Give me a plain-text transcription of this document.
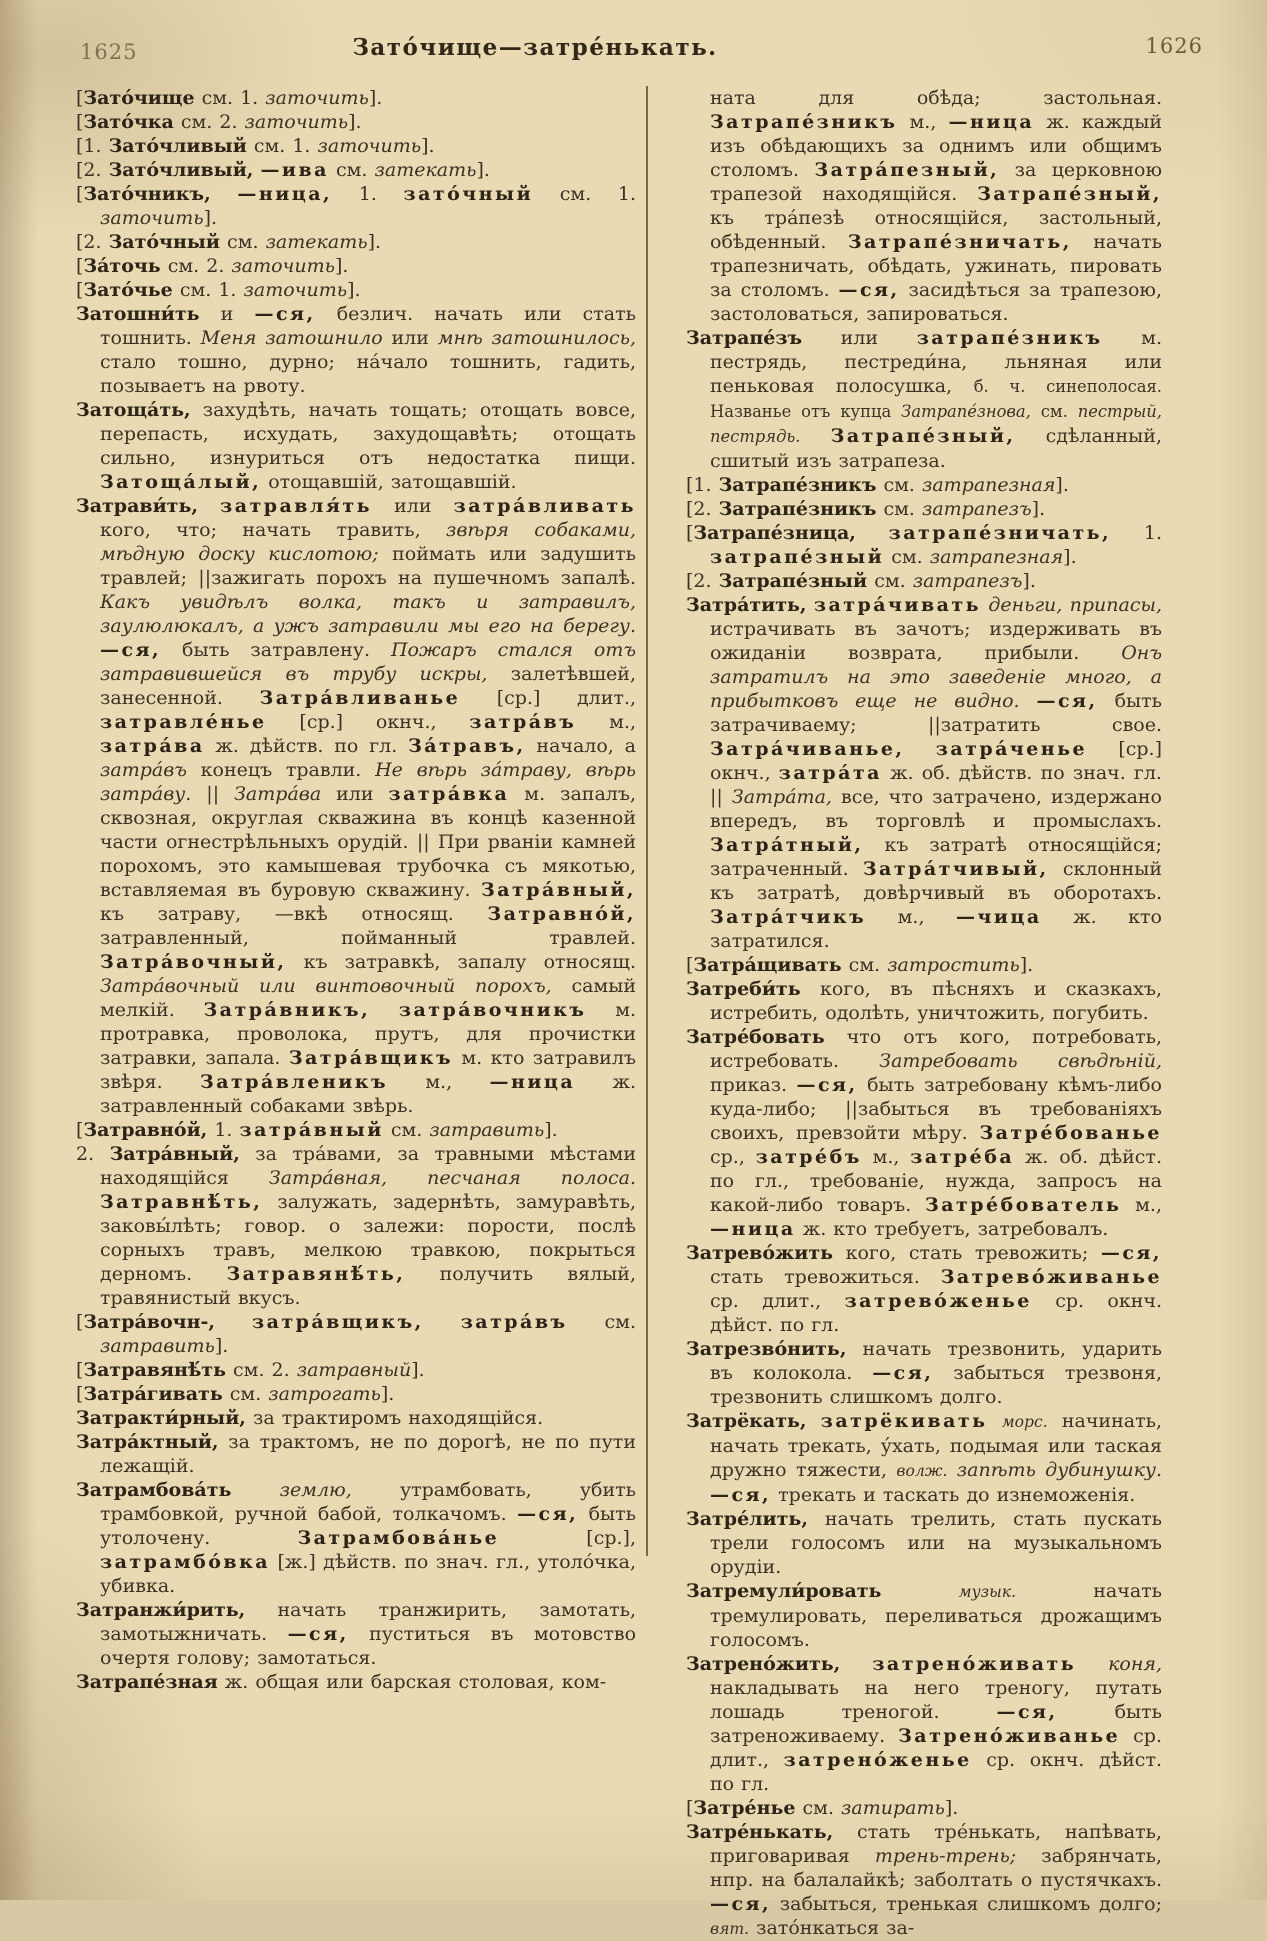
1625	Зато́чище—затре́нькать.	1626

[Зато́чище см. 1. заточить].

[Зато́чка см. 2. заточить].

[1. Зато́чливый см. 1. заточить].

[2. Зато́чливый, —ива см. затекать].

[Зато́чникъ, —ница, 1. зато́чный см. 1. заточить].

[2. Зато́чный см. затекать].

[За́точь см. 2. заточить].

[Зато́чье см. 1. заточить].

Затошни́ть и —ся, безлич. начать или стать тошнить. Меня затошнило или мнѣ затошнилось, стало тошно, дурно; на́чало тошнить, гадить, позываетъ на рвоту.

Затоща́ть, захудѣть, начать тощать; отощать вовсе, перепасть, исхудать, захудощавѣть; отощать сильно, изнуриться отъ недостатка пищи. Затоща́лый, отощавшій, затощавшій.

Затрави́ть, затравля́ть или затра́вливать кого, что; начать травить, звѣря собаками, мѣдную доску кислотою; поймать или задушить травлей; ||зажигать порохъ на пушечномъ запалѣ. Какъ увидѣлъ волка, такъ и затравилъ, заулюлюкалъ, а ужъ затравили мы его на берегу. —ся, быть затравлену. Пожаръ стался отъ затравившейся въ трубу искры, залетѣвшей, занесенной. Затра́вливанье [ср.] длит., затравле́нье [ср.] окнч., затра́въ м., затра́ва ж. дѣйств. по гл. За́травъ, начало, а затра́въ конецъ травли. Не вѣрь за́траву, вѣрь затра́ву. || Затра́ва или затра́вка м. запалъ, сквозная, округлая скважина въ концѣ казенной части огнестрѣльныхъ орудій. || При рваніи камней порохомъ, это камышевая трубочка съ мякотью, вставляемая въ буровую скважину. Затра́вный, къ затраву, —вкѣ относящ. Затравно́й, затравленный, пойманный травлей. Затра́вочный, къ затравкѣ, запалу относящ. Затра́вочный или винтовочный порохъ, самый мелкій. Затра́вникъ, затра́вочникъ м. протравка, проволока, прутъ, для прочистки затравки, запала. Затра́вщикъ м. кто затравилъ звѣря. Затра́вленикъ м., —ница ж. затравленный собаками звѣрь.

[Затравно́й, 1. затра́вный см. затравить].

2. Затра́вный, за тра́вами, за травными мѣстами находящійся Затра́вная, песчаная полоса. Затравнѣ́ть, залужать, задернѣть, замуравѣть, заковы́лѣть; говор. о залежи: порости, послѣ сорныхъ травъ, мелкою травкою, покрыться дерномъ. Затравянѣ́ть, получить вялый, травянистый вкусъ.

[Затра́вочн-, затра́вщикъ, затра́въ см. затравить].

[Затравянѣ́ть см. 2. затравный].

[Затра́гивать см. затрогать].

Затракти́рный, за трактиромъ находящійся.

Затра́ктный, за трактомъ, не по дорогѣ, не по пути лежащій.

Затрамбова́ть	землю, утрамбовать, убить трамбовкой, ручной бабой, толкачомъ. —ся, быть утолочену. Затрамбова́нье [ср.], затрамбо́вка [ж.] дѣйств. по знач. гл., утоло́чка, убивка.

Затранжи́рить, начать транжирить, замотать, замотыжничать. —ся, пуститься въ мотовство очертя голову; замотаться.

Затрапе́зная ж. общая или барская столовая, ком-

ната для обѣда; застольная. Затрапе́зникъ м., —ница ж. каждый изъ обѣдающихъ за однимъ или общимъ столомъ. Затра́пезный, за церковною трапезой находящійся. Затрапе́зный, къ тра́пезѣ относящійся, застольный, обѣденный. Затрапе́зничать, начать трапезничать, обѣдать, ужинать, пировать за столомъ. —ся, засидѣться за трапезою, застоловаться, запироваться.

Затрапе́зъ или затрапе́зникъ м. пестрядь, пестреди́на, льняная или пеньковая полосушка, б. ч. синеполосая. Названье отъ купца Затрапе́знова, см. пестрый, пестрядь. Затрапе́зный, сдѣланный, сшитый изъ затрапеза.

[1. Затрапе́зникъ см. затрапезная].

[2. Затрапе́зникъ см. затрапезъ].

[Затрапе́зница, затрапе́зничать, 1. затрапе́зный см. затрапезная].

[2. Затрапе́зный см. затрапезъ].

Затра́тить, затра́чивать деньги, припасы, истрачивать въ зачотъ; издерживать въ ожиданіи возврата, прибыли. Онъ затратилъ на это заведеніе много, а прибытковъ еще не видно. —ся, быть затрачиваему; ||затратить свое. Затра́чиванье, затра́ченье [ср.] окнч., затра́та ж. об. дѣйств. по знач. гл. || Затра́та, все, что затрачено, издержано впередъ, въ торговлѣ и промыслахъ. Затра́тный, къ затратѣ относящійся; затраченный. Затра́тчивый, склонный къ затратѣ, довѣрчивый въ оборотахъ. Затра́тчикъ м., —чица ж. кто затратился.

[Затра́щивать см. затростить].

Затреби́ть кого, въ пѣсняхъ и сказкахъ, истребить, одолѣть, уничтожить, погубить.

Затре́бовать что отъ кого, потребовать, истребовать. Затребовать свѣдѣній, приказ. —ся, быть затребовану кѣмъ-либо куда-либо; ||забыться въ требованіяхъ своихъ, превзойти мѣру. Затре́бованье ср., затре́бъ м., затре́ба ж. об. дѣйст. по гл., требованіе, нужда, запросъ на какой-либо товаръ. Затре́бователь м., —ница ж. кто требуетъ, затребовалъ.

Затрево́жить кого, стать тревожить; —ся, стать тревожиться. Затрево́живанье ср. длит., затрево́женье ср. окнч. дѣйст. по гл.

Затрезво́нить, начать трезвонить, ударить въ колокола. —ся, забыться трезвоня, трезвонить слишкомъ долго.

Затрёкать, затрёкивать морс. начинать, начать трекать, у́хать, подымая или таская дружно тяжести, волж. запѣть дубинушку. —ся, трекать и таскать до изнеможенія.

Затре́лить, начать трелить, стать пускать трели голосомъ или на музыкальномъ орудіи.

Затремули́ровать	музык. начать тремулировать, переливаться дрожащимъ голосомъ.

Затрено́жить, затрено́живать коня, накладывать на него треногу, путать лошадь треногой. —ся, быть затреноживаему. Затрено́живанье ср. длит., затрено́женье ср. окнч. дѣйст. по гл.

[Затре́нье см. затирать].

Затре́нькать, стать тре́нькать, напѣвать, приговаривая трень-трень; забрянчать, нпр. на балалайкѣ; заболтать о пустячкахъ. —ся, забыться, тренькая слишкомъ долго; вят. зато́нкаться за-
